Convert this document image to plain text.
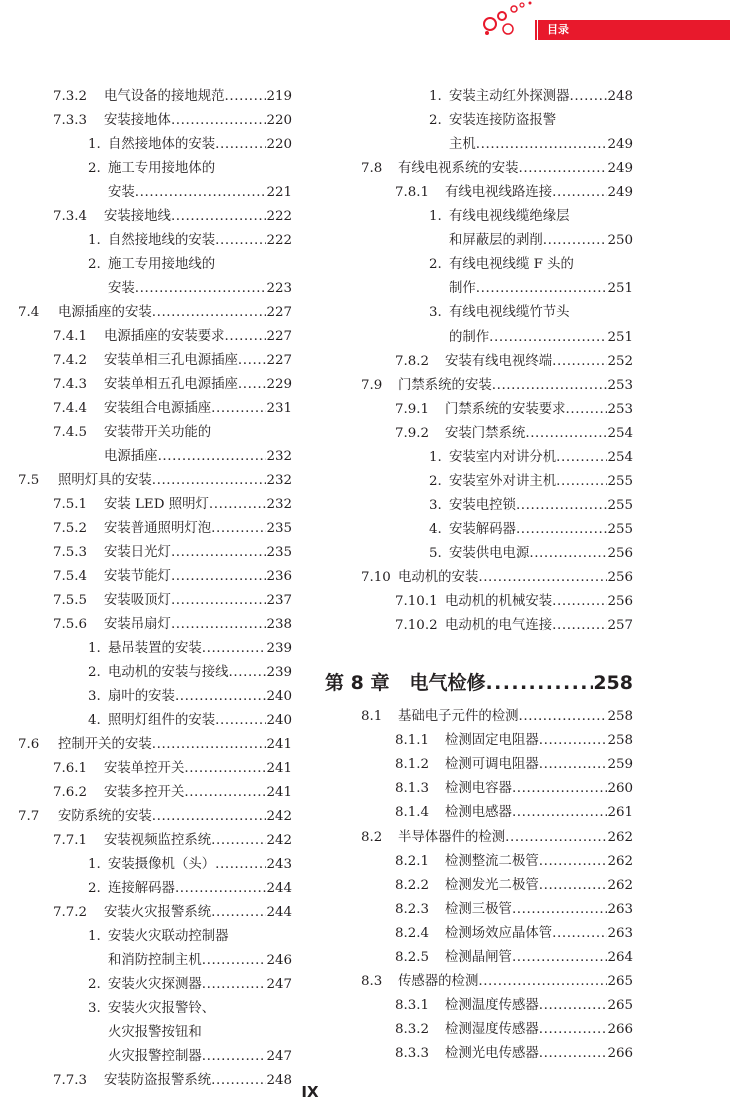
目录
7.3.2	电气设备的接地规范 .....	219
7.3.3	安装接地体 .....	220
1. 自然接地体的安装 .....	220
2. 施工专用接地体的
安装 .....	221
7.3.4	安装接地线 .....	222
1. 自然接地线的安装 .....	222
2. 施工专用接地线的
安装 .....	223
7.4	电源插座的安装 .....	227
7.4.1	电源插座的安装要求 .....	227
7.4.2	安装单相三孔电源插座 ..... 227
7.4.3	安装单相五孔电源插座 ..... 229
7.4.4	安装组合电源插座 .....	231
7.4.5	安装带开关功能的
电源插座 .....	232
7.5	照明灯具的安装 .....	232
7.5.1	安装 LED 照明灯 .....	232
7.5.2	安装普通照明灯泡 .....	235
7.5.3	安装日光灯 .....	235
7.5.4	安装节能灯 .....	236
7.5.5	安装吸顶灯 .....	237
7.5.6	安装吊扇灯 .....	238
1. 悬吊装置的安装 .....	239
2. 电动机的安装与接线 .....	239
3. 扇叶的安装 .....	240
4. 照明灯组件的安装 .....	240
7.6	控制开关的安装 .....	241
7.6.1	安装单控开关 .....	241
7.6.2	安装多控开关 .....	241
7.7	安防系统的安装 .....	242
7.7.1	安装视频监控系统 .....	242
1. 安装摄像机（头） .....	243
2. 连接解码器 .....	244
7.7.2	安装火灾报警系统 .....	244
1. 安装火灾联动控制器
和消防控制主机 .....	246
2. 安装火灾探测器 .....	247
3. 安装火灾报警铃、
火灾报警按钮和
火灾报警控制器 .....	247
7.7.3	安装防盗报警系统 .....	248
1. 安装主动红外探测器 .....	248
2. 安装连接防盗报警
主机 .....	249
7.8	有线电视系统的安装 .....	249
7.8.1	有线电视线路连接 .....	249
1. 有线电视线缆绝缘层
和屏蔽层的剥削 .....	250
2. 有线电视线缆 F 头的
制作 .....	251
3. 有线电视线缆竹节头
的制作 .....	251
7.8.2	安装有线电视终端 .....	252
7.9	门禁系统的安装 .....	253
7.9.1	门禁系统的安装要求 .....	253
7.9.2	安装门禁系统 .....	254
1. 安装室内对讲分机 .....	254
2. 安装室外对讲主机 .....	255
3. 安装电控锁 .....	255
4. 安装解码器 .....	255
5. 安装供电电源 .....	256
7.10 电动机的安装 .....	256
7.10.1 电动机的机械安装 .....	256
7.10.2 电动机的电气连接 .....	257
8.1	基础电子元件的检测 .....	258
8.1.1	检测固定电阻器 .....	258
8.1.2	检测可调电阻器 .....	259
8.1.3	检测电容器 .....	260
8.1.4	检测电感器 .....	261
8.2	半导体器件的检测 .....	262
8.2.1	检测整流二极管 .....	262
8.2.2	检测发光二极管 .....	262
8.2.3	检测三极管 .....	263
8.2.4	检测场效应晶体管 .....	263
8.2.5	检测晶闸管 .....	264
8.3	传感器的检测 .....	265
8.3.1	检测温度传感器 .....	265
8.3.2	检测湿度传感器 .....	266
8.3.3	检测光电传感器 .....	266
第 8 章 电气检修 .....	258
IX
